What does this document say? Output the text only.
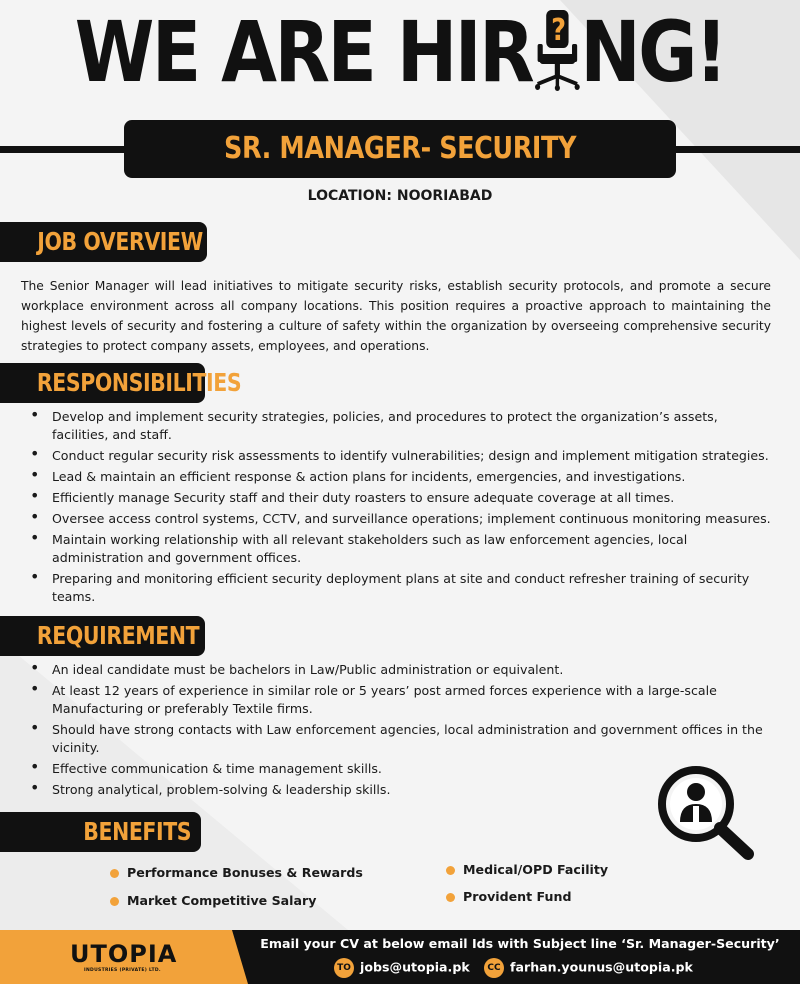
WE ARE HIR ? NG!
SR. MANAGER- SECURITY
LOCATION: NOORIABAD
JOB OVERVIEW
The Senior Manager will lead initiatives to mitigate security risks, establish security protocols, and promote a secure workplace environment across all company locations. This position requires a proactive approach to maintaining the highest levels of security and fostering a culture of safety within the organization by overseeing comprehensive security strategies to protect company assets, employees, and operations.
RESPONSIBILITIES
• Develop and implement security strategies, policies, and procedures to protect the organization’s assets, facilities, and staff.
• Conduct regular security risk assessments to identify vulnerabilities; design and implement mitigation strategies.
• Lead & maintain an efficient response & action plans for incidents, emergencies, and investigations.
• Efficiently manage Security staff and their duty roasters to ensure adequate coverage at all times.
• Oversee access control systems, CCTV, and surveillance operations; implement continuous monitoring measures.
• Maintain working relationship with all relevant stakeholders such as law enforcement agencies, local administration and government offices.
• Preparing and monitoring efficient security deployment plans at site and conduct refresher training of security teams.
REQUIREMENT
• An ideal candidate must be bachelors in Law/Public administration or equivalent.
• At least 12 years of experience in similar role or 5 years’ post armed forces experience with a large-scale Manufacturing or preferably Textile firms.
• Should have strong contacts with Law enforcement agencies, local administration and government offices in the vicinity.
• Effective communication & time management skills.
• Strong analytical, problem-solving & leadership skills.
BENEFITS
Performance Bonuses & Rewards
Market Competitive Salary
Medical/OPD Facility
Provident Fund
UTOPIA
INDUSTRIES (PRIVATE) LTD.
Email your CV at below email Ids with Subject line ‘Sr. Manager-Security’
TO jobs@utopia.pk	CC farhan.younus@utopia.pk
